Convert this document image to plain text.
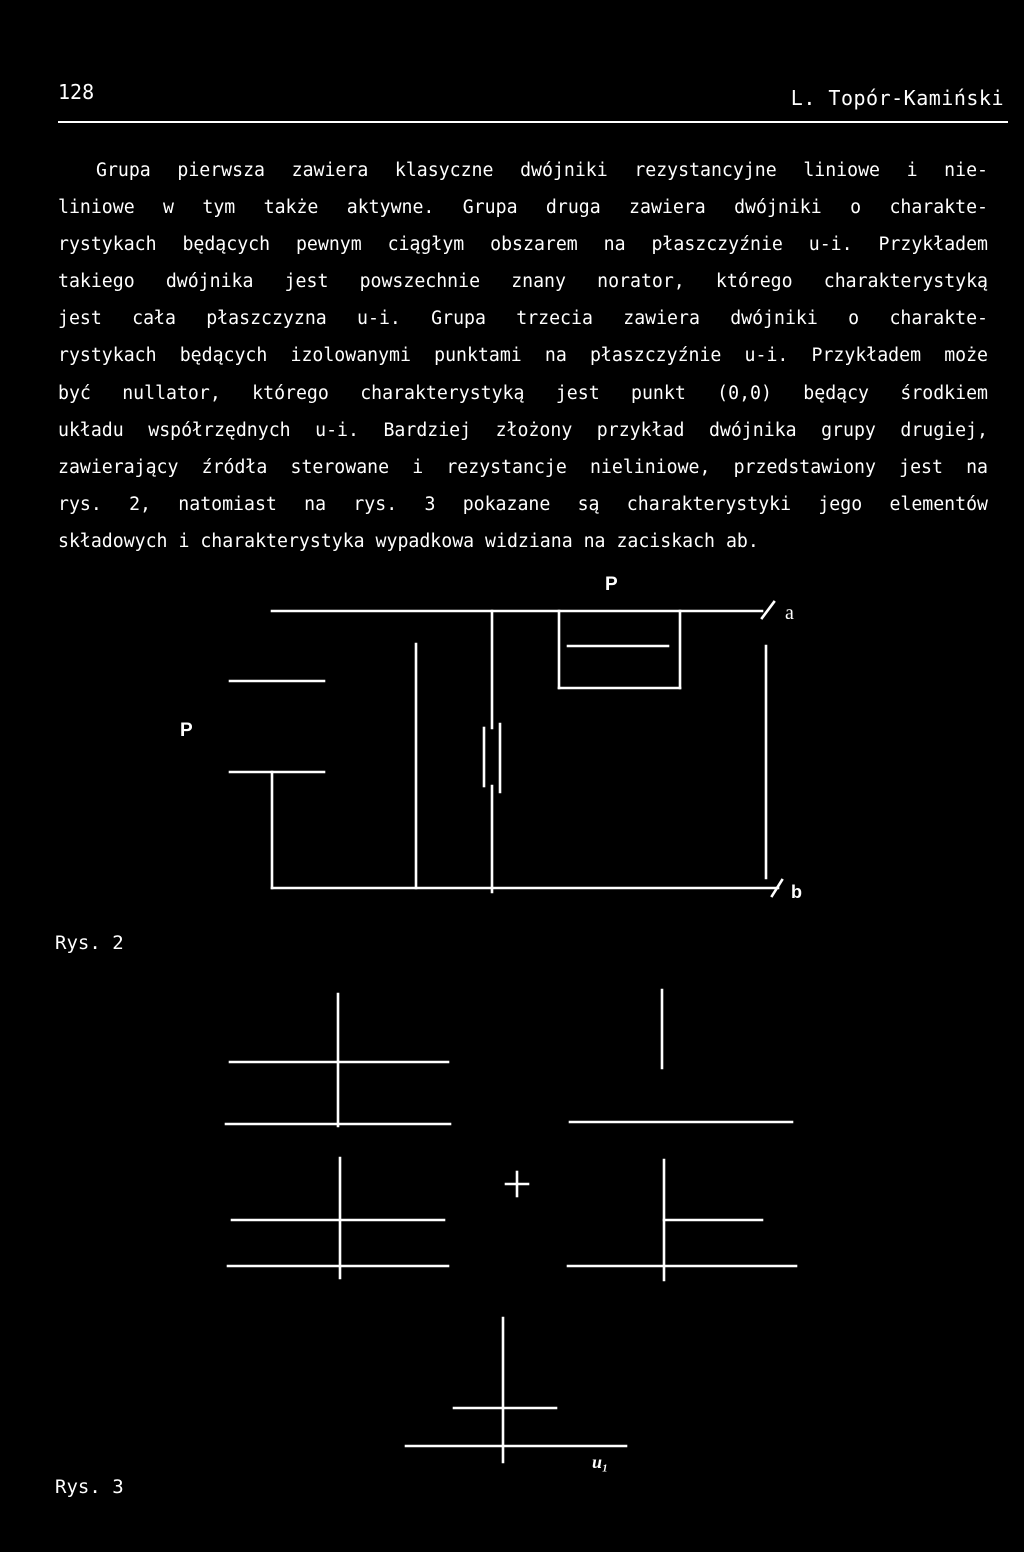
128	L. Topór-Kamiński
Grupa pierwsza zawiera klasyczne dwójniki rezystancyjne liniowe i nie-
liniowe w tym także aktywne. Grupa druga zawiera dwójniki o charakte-
rystykach będących pewnym ciągłym obszarem na płaszczyźnie u-i. Przykładem
takiego dwójnika jest powszechnie znany norator, którego charakterystyką
jest cała płaszczyzna u-i. Grupa trzecia zawiera dwójniki o charakte-
rystykach będących izolowanymi punktami na płaszczyźnie u-i. Przykładem może
być nullator, którego charakterystyką jest punkt (0,0) będący środkiem
układu współrzędnych u-i. Bardziej złożony przykład dwójnika grupy drugiej,
zawierający źródła sterowane i rezystancje nieliniowe, przedstawiony jest na
rys. 2, natomiast na rys. 3 pokazane są charakterystyki jego elementów
składowych i charakterystyka wypadkowa widziana na zaciskach ab.
P
P
a
b
Rys. 2
u₁
Rys. 3
